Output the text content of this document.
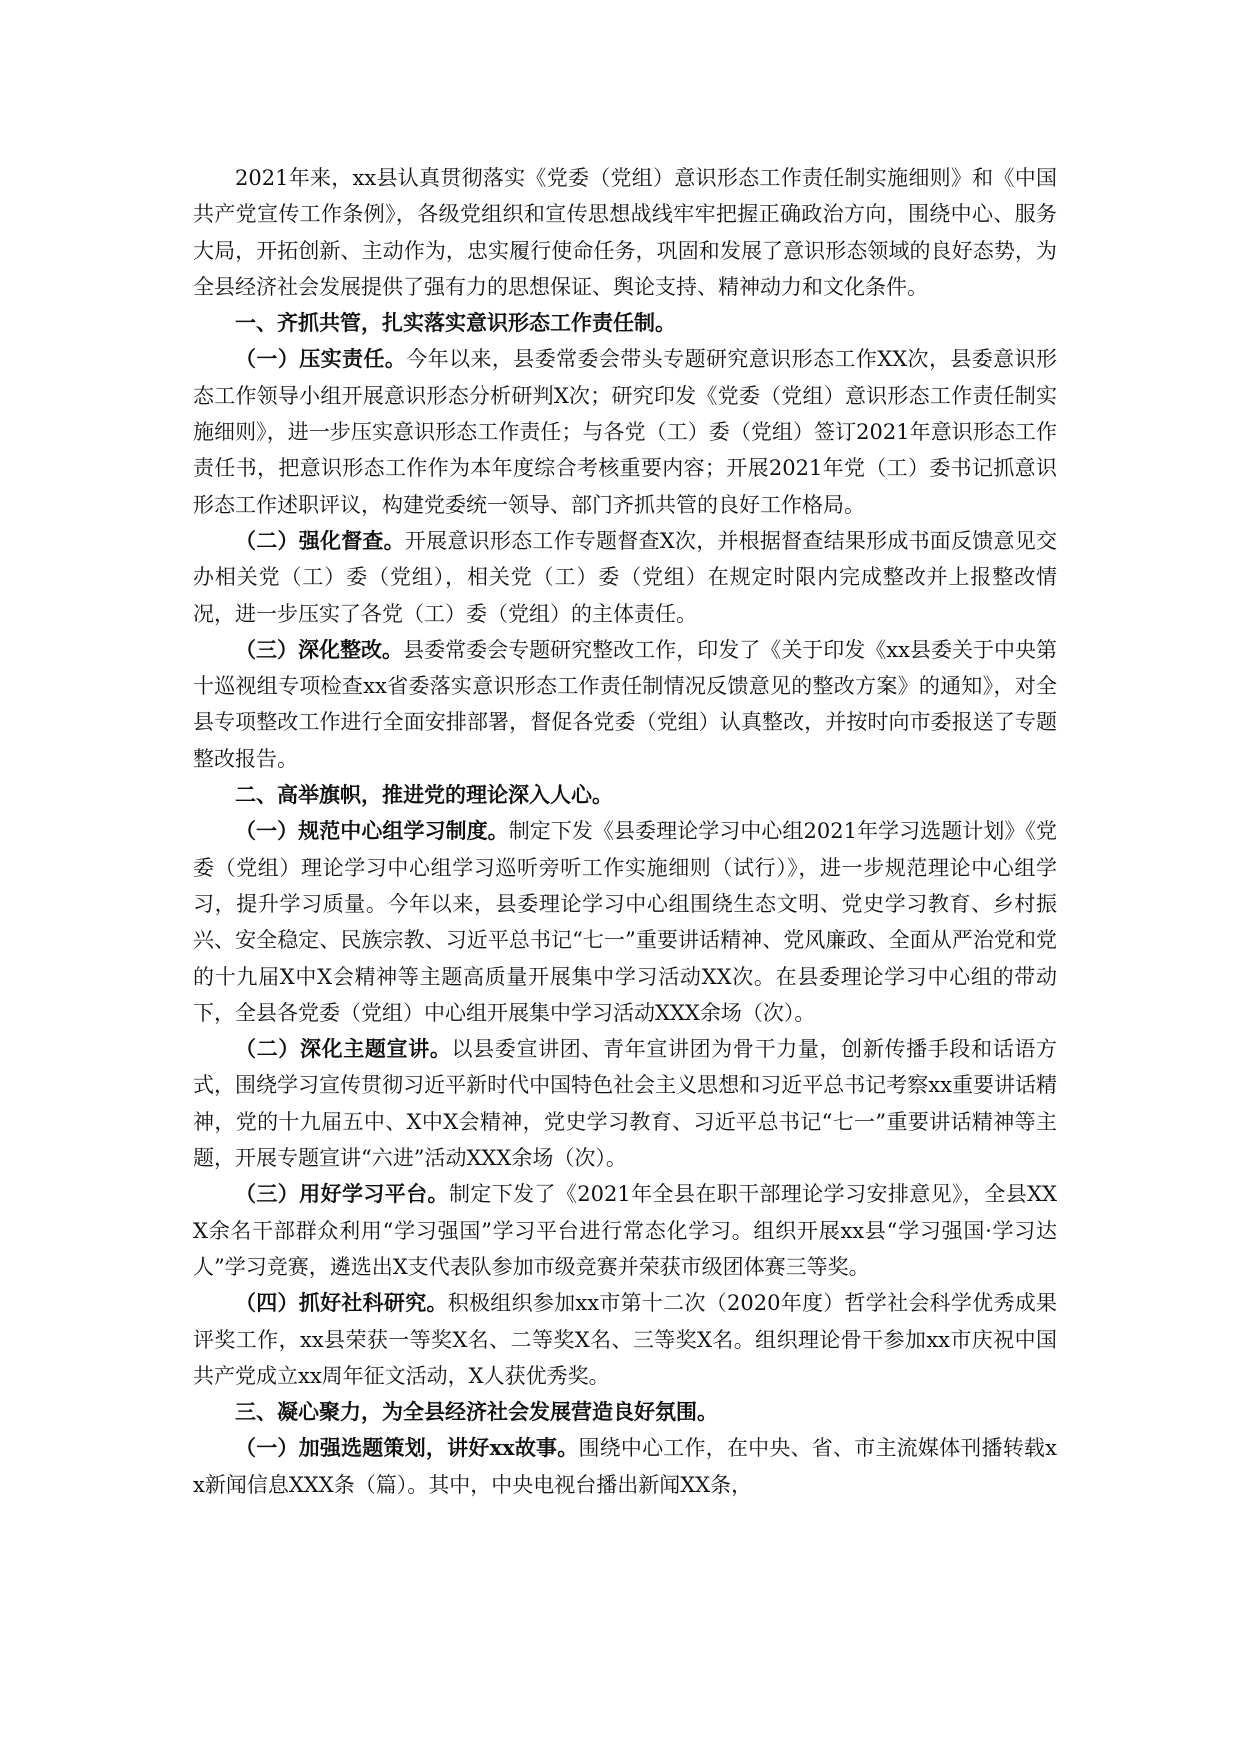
2021年来，xx县认真贯彻落实《党委（党组）意识形态工作责任制实施细则》和《中国共产党宣传工作条例》，各级党组织和宣传思想战线牢牢把握正确政治方向，围绕中心、服务大局，开拓创新、主动作为，忠实履行使命任务，巩固和发展了意识形态领域的良好态势，为全县经济社会发展提供了强有力的思想保证、舆论支持、精神动力和文化条件。

一、齐抓共管，扎实落实意识形态工作责任制。

（一）压实责任。今年以来，县委常委会带头专题研究意识形态工作XX次，县委意识形态工作领导小组开展意识形态分析研判X次；研究印发《党委（党组）意识形态工作责任制实施细则》，进一步压实意识形态工作责任；与各党（工）委（党组）签订2021年意识形态工作责任书，把意识形态工作作为本年度综合考核重要内容；开展2021年党（工）委书记抓意识形态工作述职评议，构建党委统一领导、部门齐抓共管的良好工作格局。

（二）强化督查。开展意识形态工作专题督查X次，并根据督查结果形成书面反馈意见交办相关党（工）委（党组），相关党（工）委（党组）在规定时限内完成整改并上报整改情况，进一步压实了各党（工）委（党组）的主体责任。

（三）深化整改。县委常委会专题研究整改工作，印发了《关于印发《xx县委关于中央第十巡视组专项检查xx省委落实意识形态工作责任制情况反馈意见的整改方案》的通知》，对全县专项整改工作进行全面安排部署，督促各党委（党组）认真整改，并按时向市委报送了专题整改报告。

二、高举旗帜，推进党的理论深入人心。

（一）规范中心组学习制度。制定下发《县委理论学习中心组2021年学习选题计划》《党委（党组）理论学习中心组学习巡听旁听工作实施细则（试行）》，进一步规范理论中心组学习，提升学习质量。今年以来，县委理论学习中心组围绕生态文明、党史学习教育、乡村振兴、安全稳定、民族宗教、习近平总书记“七一”重要讲话精神、党风廉政、全面从严治党和党的十九届X中X会精神等主题高质量开展集中学习活动XX次。在县委理论学习中心组的带动下，全县各党委（党组）中心组开展集中学习活动XXX余场（次）。

（二）深化主题宣讲。以县委宣讲团、青年宣讲团为骨干力量，创新传播手段和话语方式，围绕学习宣传贯彻习近平新时代中国特色社会主义思想和习近平总书记考察xx重要讲话精神，党的十九届五中、X中X会精神，党史学习教育、习近平总书记“七一”重要讲话精神等主题，开展专题宣讲“六进”活动XXX余场（次）。

（三）用好学习平台。制定下发了《2021年全县在职干部理论学习安排意见》，全县XXX余名干部群众利用“学习强国”学习平台进行常态化学习。组织开展xx县“学习强国·学习达人”学习竞赛，遴选出X支代表队参加市级竞赛并荣获市级团体赛三等奖。

（四）抓好社科研究。积极组织参加xx市第十二次（2020年度）哲学社会科学优秀成果评奖工作，xx县荣获一等奖X名、二等奖X名、三等奖X名。组织理论骨干参加xx市庆祝中国共产党成立xx周年征文活动，X人获优秀奖。

三、凝心聚力，为全县经济社会发展营造良好氛围。

（一）加强选题策划，讲好xx故事。围绕中心工作，在中央、省、市主流媒体刊播转载xx新闻信息XXX条（篇）。其中，中央电视台播出新闻XX条，
